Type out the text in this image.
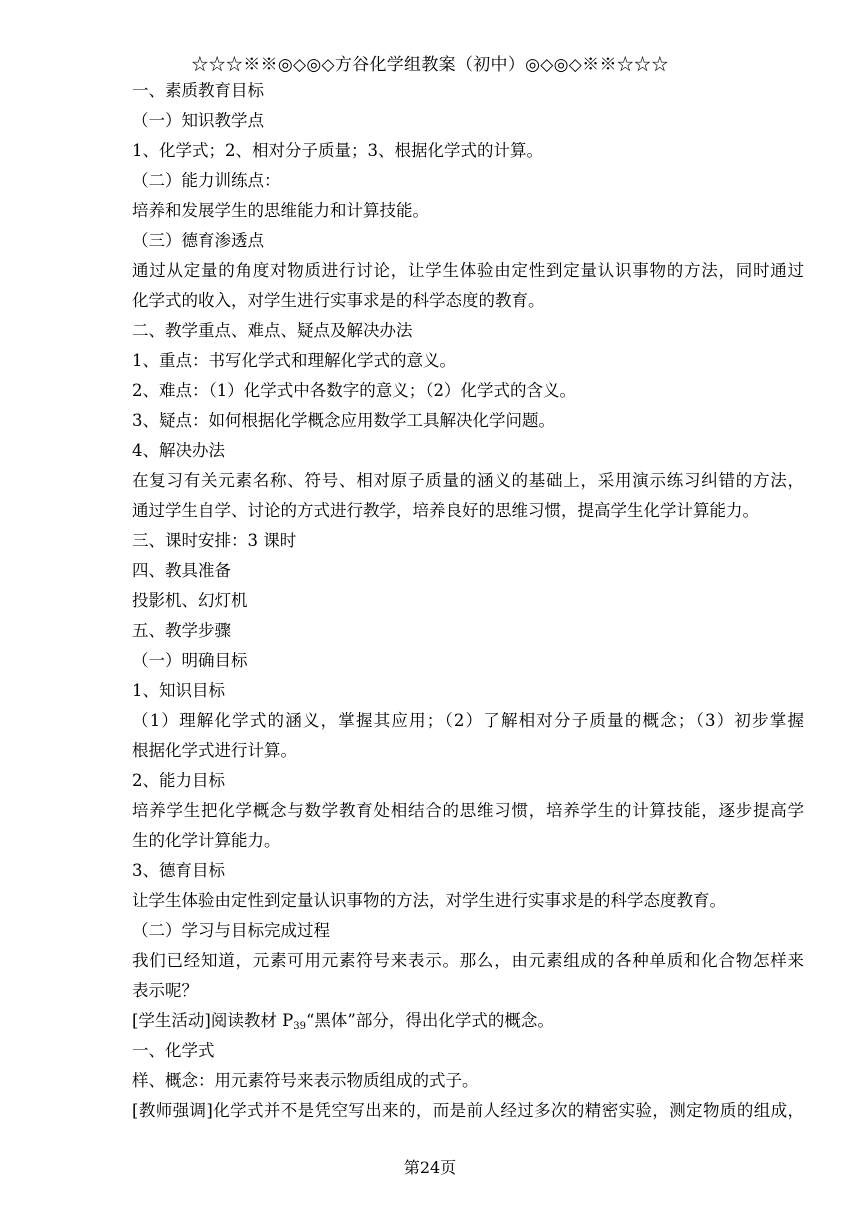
☆☆☆※※◎◇◎◇方谷化学组教案（初中）◎◇◎◇※※☆☆☆
一、素质教育目标
（一）知识教学点
1、化学式；2、相对分子质量；3、根据化学式的计算。
（二）能力训练点：
培养和发展学生的思维能力和计算技能。
（三）德育渗透点
通过从定量的角度对物质进行讨论，让学生体验由定性到定量认识事物的方法，同时通过
化学式的收入，对学生进行实事求是的科学态度的教育。
二、教学重点、难点、疑点及解决办法
1、重点：书写化学式和理解化学式的意义。
2、难点：（1）化学式中各数字的意义；（2）化学式的含义。
3、疑点：如何根据化学概念应用数学工具解决化学问题。
4、解决办法
在复习有关元素名称、符号、相对原子质量的涵义的基础上，采用演示练习纠错的方法，
通过学生自学、讨论的方式进行教学，培养良好的思维习惯，提高学生化学计算能力。
三、课时安排：3 课时
四、教具准备
投影机、幻灯机
五、教学步骤
（一）明确目标
1、知识目标
（1）理解化学式的涵义，掌握其应用；（2）了解相对分子质量的概念；（3）初步掌握
根据化学式进行计算。
2、能力目标
培养学生把化学概念与数学教育处相结合的思维习惯，培养学生的计算技能，逐步提高学
生的化学计算能力。
3、德育目标
让学生体验由定性到定量认识事物的方法，对学生进行实事求是的科学态度教育。
（二）学习与目标完成过程
我们已经知道，元素可用元素符号来表示。那么，由元素组成的各种单质和化合物怎样来
表示呢？
[学生活动]阅读教材 $P_{39}“$黑体”部分，得出化学式的概念。
一、化学式
样、概念：用元素符号来表示物质组成的式子。
[教师强调]化学式并不是凭空写出来的，而是前人经过多次的精密实验，测定物质的组成，
第24页
